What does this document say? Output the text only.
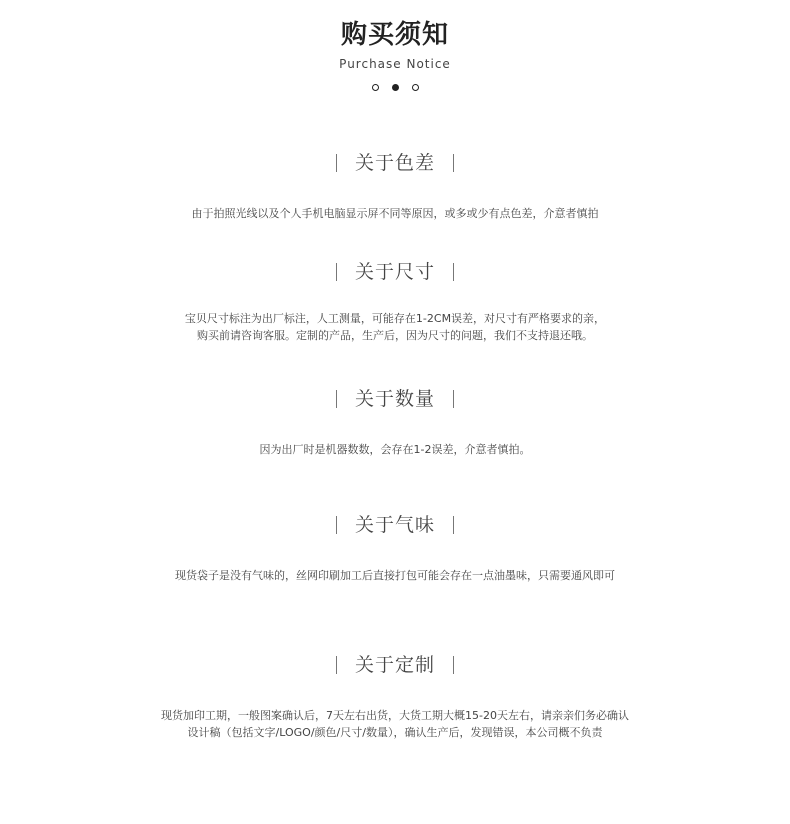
购买须知
Purchase Notice
关于色差
由于拍照光线以及个人手机电脑显示屏不同等原因，或多或少有点色差，介意者慎拍
关于尺寸
宝贝尺寸标注为出厂标注，人工测量，可能存在1-2CM误差，对尺寸有严格要求的亲，
购买前请咨询客服。定制的产品，生产后，因为尺寸的问题，我们不支持退还哦。
关于数量
因为出厂时是机器数数，会存在1-2误差，介意者慎拍。
关于气味
现货袋子是没有气味的，丝网印刷加工后直接打包可能会存在一点油墨味，只需要通风即可
关于定制
现货加印工期，一般图案确认后，7天左右出货，大货工期大概15-20天左右，请亲亲们务必确认
设计稿（包括文字/LOGO/颜色/尺寸/数量），确认生产后，发现错误，本公司概不负责
